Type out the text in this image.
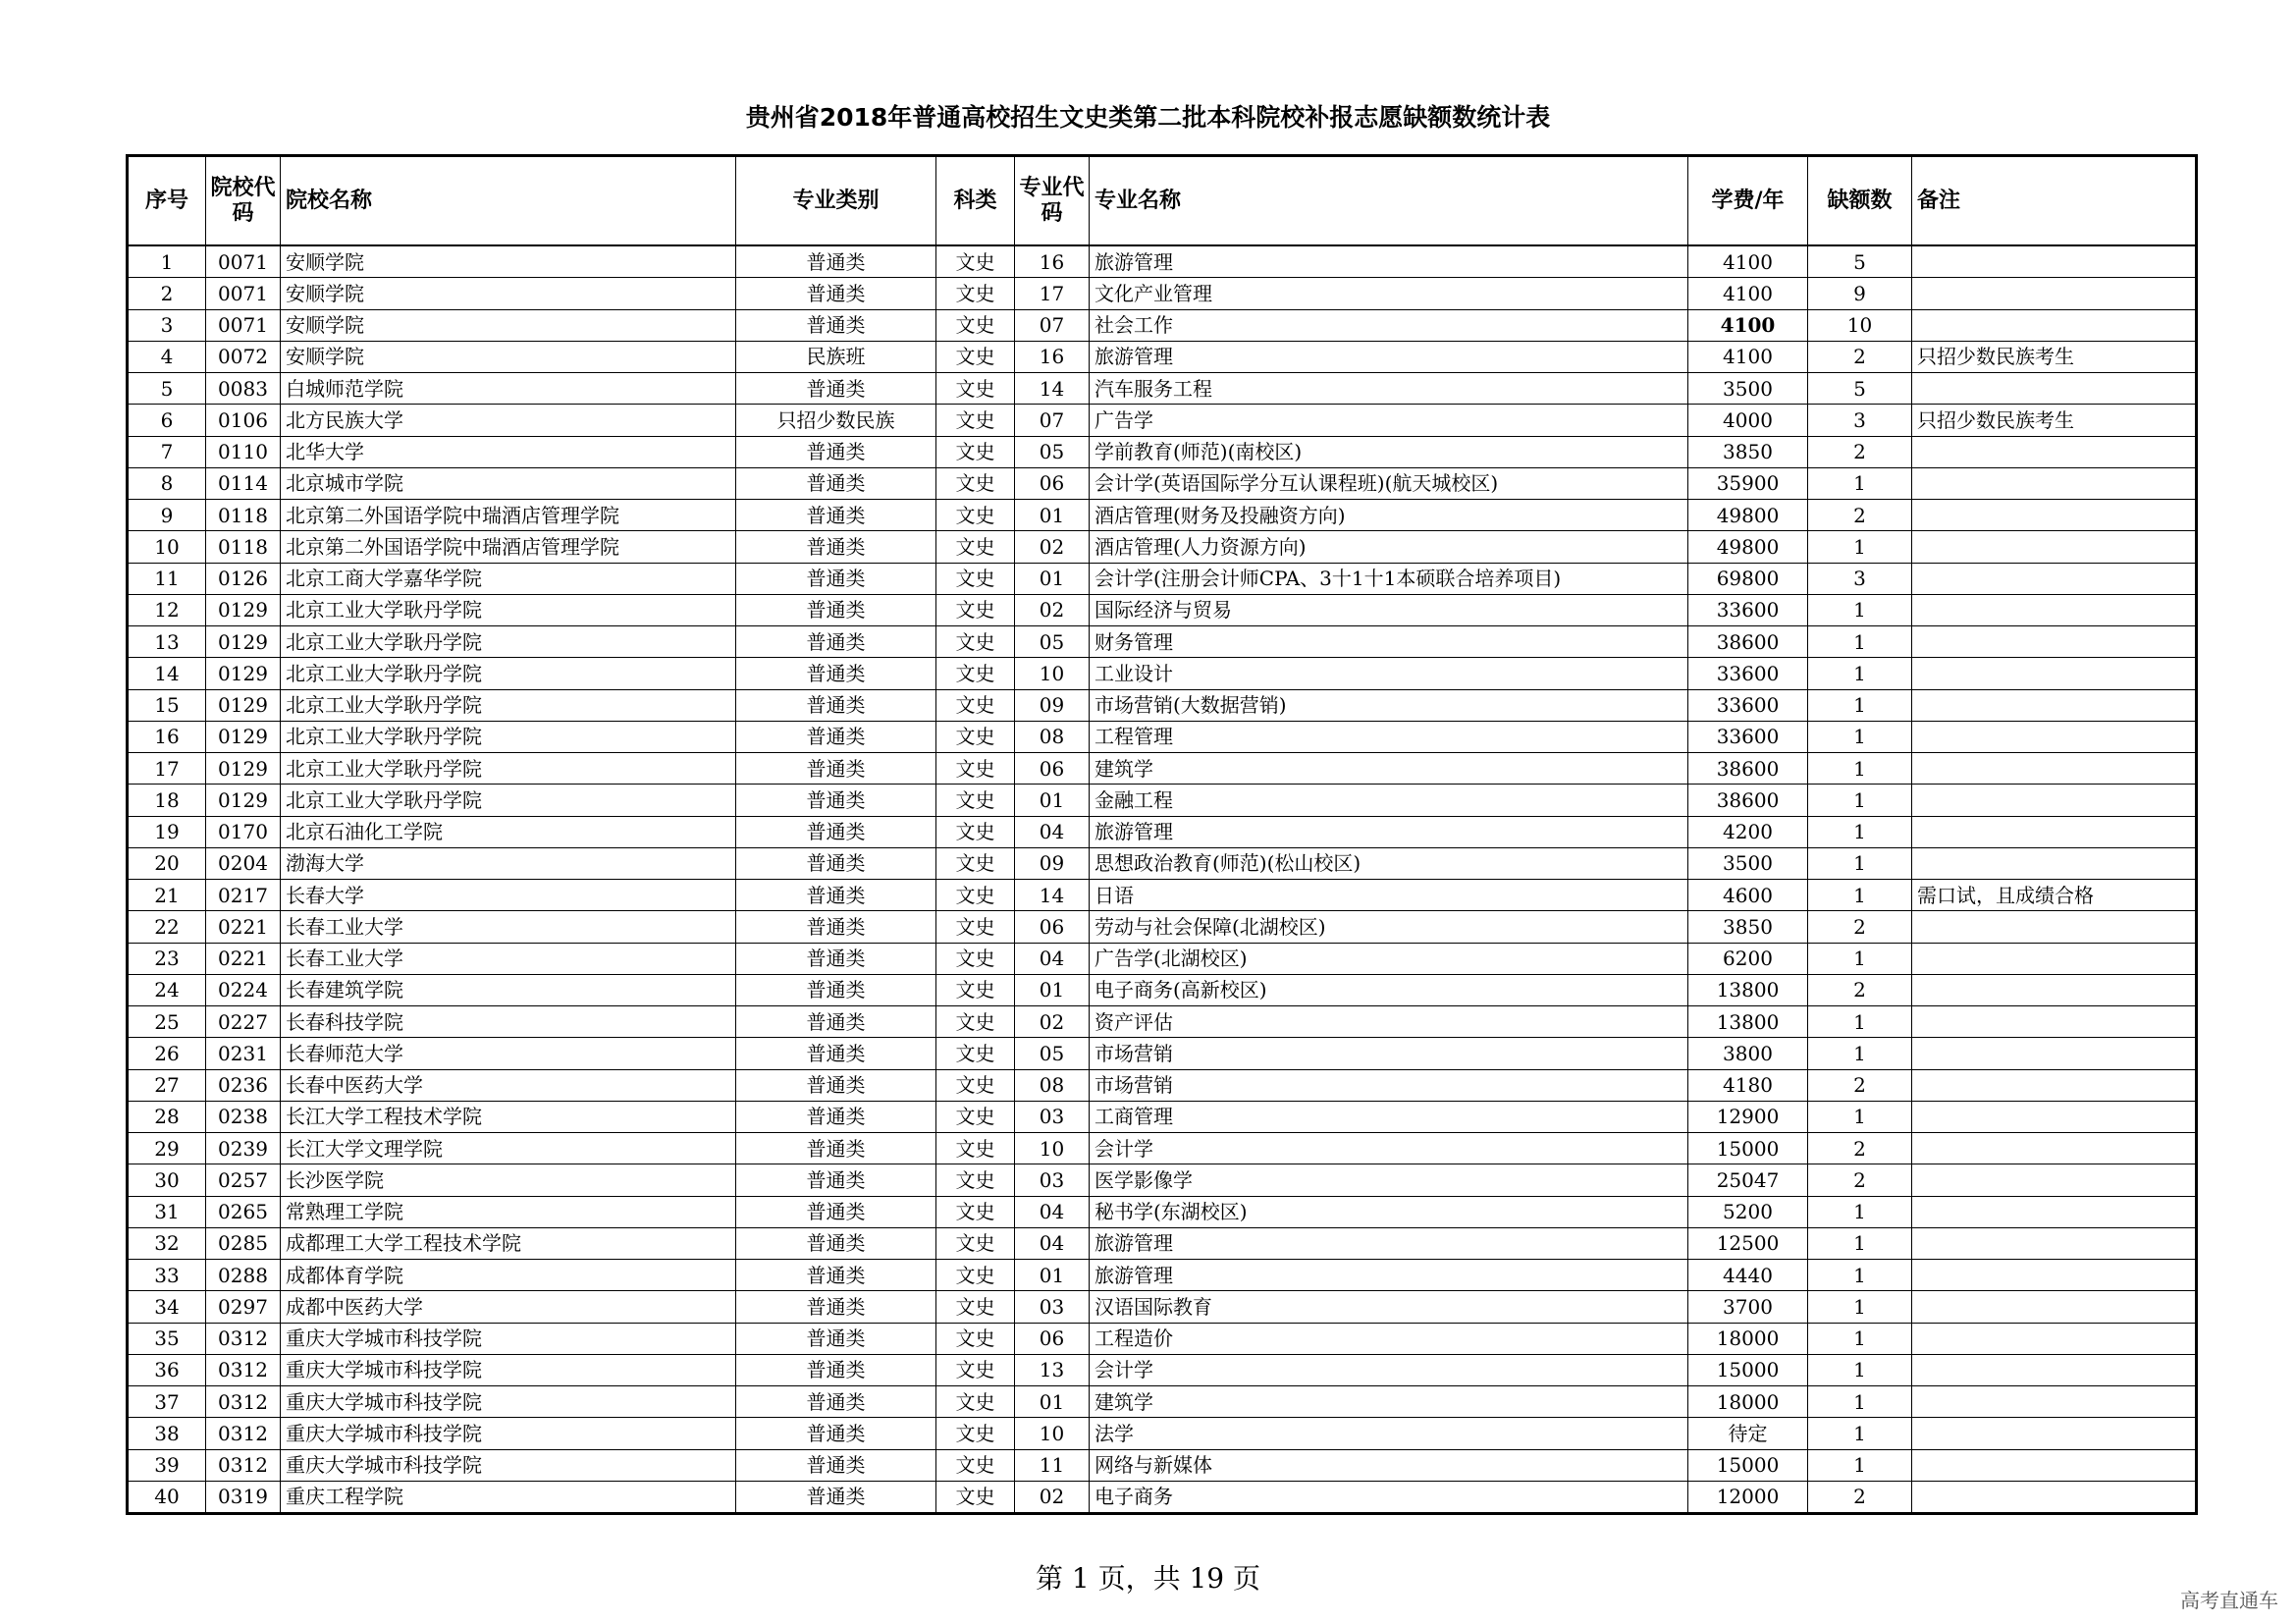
贵州省2018年普通高校招生文史类第二批本科院校补报志愿缺额数统计表
序号	院校代码	院校名称	专业类别	科类	专业代码	专业名称	学费/年	缺额数	备注
1	0071	安顺学院	普通类	文史	16	旅游管理	4100	5	
2	0071	安顺学院	普通类	文史	17	文化产业管理	4100	9	
3	0071	安顺学院	普通类	文史	07	社会工作	4100	10	
4	0072	安顺学院	民族班	文史	16	旅游管理	4100	2	只招少数民族考生
5	0083	白城师范学院	普通类	文史	14	汽车服务工程	3500	5	
6	0106	北方民族大学	只招少数民族	文史	07	广告学	4000	3	只招少数民族考生
7	0110	北华大学	普通类	文史	05	学前教育(师范)(南校区)	3850	2	
8	0114	北京城市学院	普通类	文史	06	会计学(英语国际学分互认课程班)(航天城校区)	35900	1	
9	0118	北京第二外国语学院中瑞酒店管理学院	普通类	文史	01	酒店管理(财务及投融资方向)	49800	2	
10	0118	北京第二外国语学院中瑞酒店管理学院	普通类	文史	02	酒店管理(人力资源方向)	49800	1	
11	0126	北京工商大学嘉华学院	普通类	文史	01	会计学(注册会计师CPA、3十1十1本硕联合培养项目)	69800	3	
12	0129	北京工业大学耿丹学院	普通类	文史	02	国际经济与贸易	33600	1	
13	0129	北京工业大学耿丹学院	普通类	文史	05	财务管理	38600	1	
14	0129	北京工业大学耿丹学院	普通类	文史	10	工业设计	33600	1	
15	0129	北京工业大学耿丹学院	普通类	文史	09	市场营销(大数据营销)	33600	1	
16	0129	北京工业大学耿丹学院	普通类	文史	08	工程管理	33600	1	
17	0129	北京工业大学耿丹学院	普通类	文史	06	建筑学	38600	1	
18	0129	北京工业大学耿丹学院	普通类	文史	01	金融工程	38600	1	
19	0170	北京石油化工学院	普通类	文史	04	旅游管理	4200	1	
20	0204	渤海大学	普通类	文史	09	思想政治教育(师范)(松山校区)	3500	1	
21	0217	长春大学	普通类	文史	14	日语	4600	1	需口试，且成绩合格
22	0221	长春工业大学	普通类	文史	06	劳动与社会保障(北湖校区)	3850	2	
23	0221	长春工业大学	普通类	文史	04	广告学(北湖校区)	6200	1	
24	0224	长春建筑学院	普通类	文史	01	电子商务(高新校区)	13800	2	
25	0227	长春科技学院	普通类	文史	02	资产评估	13800	1	
26	0231	长春师范大学	普通类	文史	05	市场营销	3800	1	
27	0236	长春中医药大学	普通类	文史	08	市场营销	4180	2	
28	0238	长江大学工程技术学院	普通类	文史	03	工商管理	12900	1	
29	0239	长江大学文理学院	普通类	文史	10	会计学	15000	2	
30	0257	长沙医学院	普通类	文史	03	医学影像学	25047	2	
31	0265	常熟理工学院	普通类	文史	04	秘书学(东湖校区)	5200	1	
32	0285	成都理工大学工程技术学院	普通类	文史	04	旅游管理	12500	1	
33	0288	成都体育学院	普通类	文史	01	旅游管理	4440	1	
34	0297	成都中医药大学	普通类	文史	03	汉语国际教育	3700	1	
35	0312	重庆大学城市科技学院	普通类	文史	06	工程造价	18000	1	
36	0312	重庆大学城市科技学院	普通类	文史	13	会计学	15000	1	
37	0312	重庆大学城市科技学院	普通类	文史	01	建筑学	18000	1	
38	0312	重庆大学城市科技学院	普通类	文史	10	法学	待定	1	
39	0312	重庆大学城市科技学院	普通类	文史	11	网络与新媒体	15000	1	
40	0319	重庆工程学院	普通类	文史	02	电子商务	12000	2	
第 1 页，共 19 页
高考直通车
